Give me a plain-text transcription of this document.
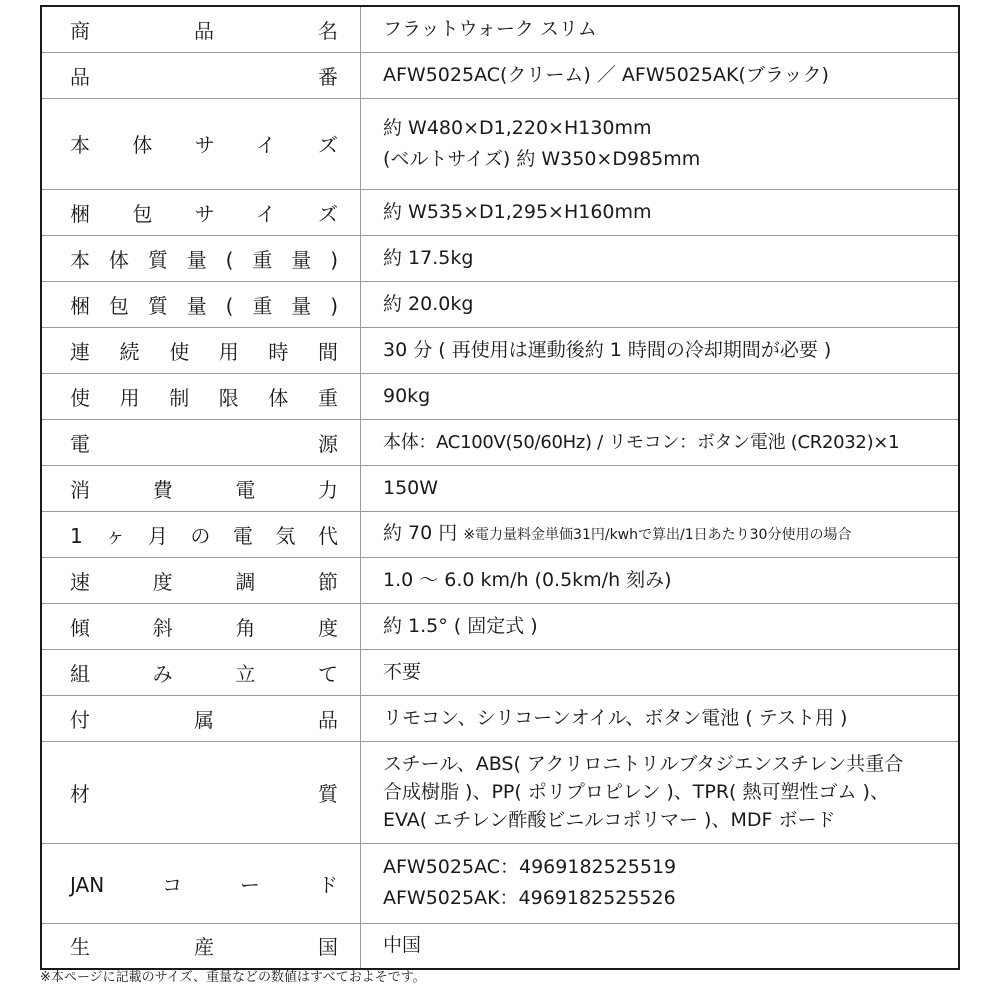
商品名	フラットウォーク スリム

品番	AFW5025AC(クリーム) ／ AFW5025AK(ブラック)

本体サイズ	約 W480×D1,220×H130mm
(ベルトサイズ) 約 W350×D985mm

梱包サイズ	約 W535×D1,295×H160mm

本体質量(重量)	約 17.5kg

梱包質量(重量)	約 20.0kg

連続使用時間	30 分 ( 再使用は運動後約 1 時間の冷却期間が必要 )

使用制限体重	90kg

電源	本体：AC100V(50/60Hz) / リモコン：ボタン電池 (CR2032)×1

消費電力	150W

1ヶ月の電気代	約 70 円 ※電力量料金単価31円/kwhで算出/1日あたり30分使用の場合
速度調節	1.0 ～ 6.0 km/h (0.5km/h 刻み)

傾斜角度	約 1.5° ( 固定式 )

組み立て	不要

付属品	リモコン、シリコーンオイル、ボタン電池 ( テスト用 )

材質	スチール、ABS( アクリロニトリルブタジエンスチレン共重合
合成樹脂 )、PP( ポリプロピレン )、TPR( 熱可塑性ゴム )、
EVA( エチレン酢酸ビニルコポリマー )、MDF ボード

JANコード	AFW5025AC：4969182525519
AFW5025AK：4969182525526

生産国	中国
※本ページに記載のサイズ、重量などの数値はすべておよそです。
